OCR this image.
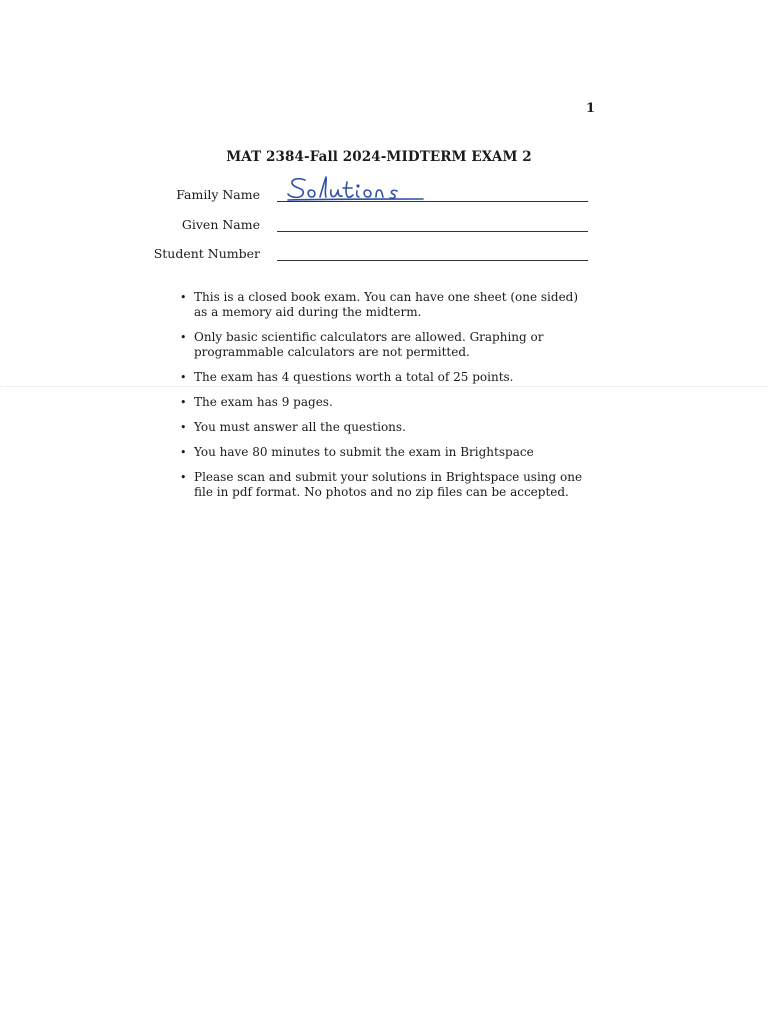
1
MAT 2384-Fall 2024-MIDTERM EXAM 2
Family Name
Given Name
Student Number
• This is a closed book exam. You can have one sheet (one sided) as a memory aid during the midterm.
• Only basic scientific calculators are allowed. Graphing or programmable calculators are not permitted.
• The exam has 4 questions worth a total of 25 points.
• The exam has 9 pages.
• You must answer all the questions.
• You have 80 minutes to submit the exam in Brightspace
• Please scan and submit your solutions in Brightspace using one file in pdf format. No photos and no zip files can be accepted.
